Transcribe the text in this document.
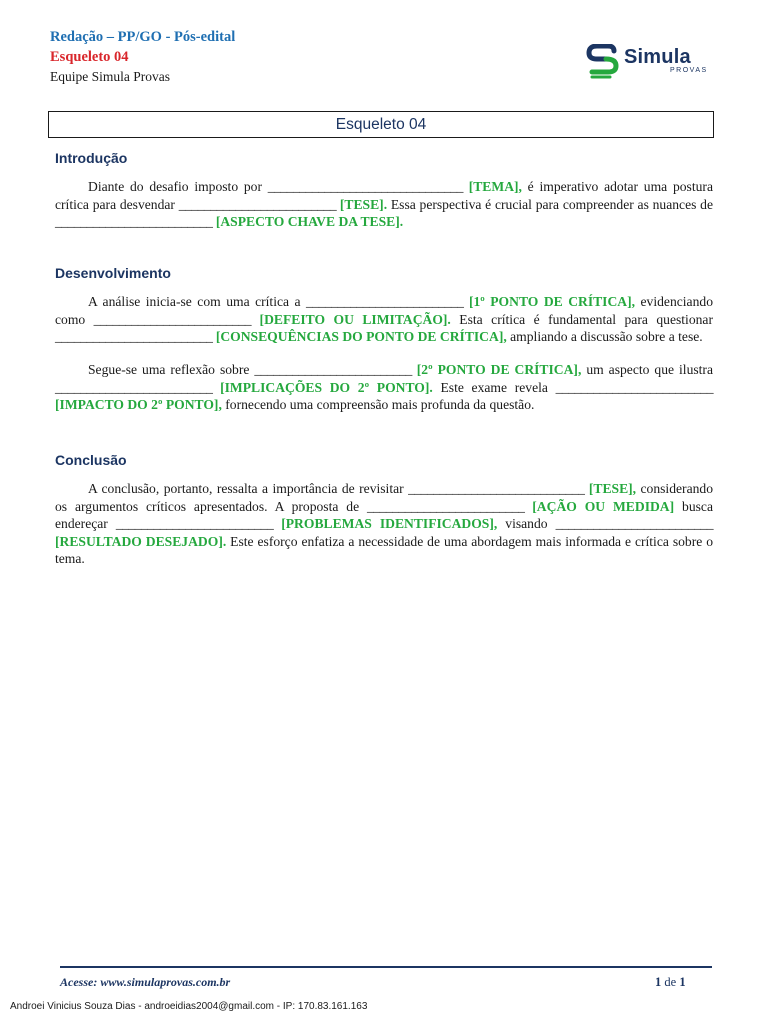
Redação – PP/GO - Pós-edital
Esqueleto 04
Equipe Simula Provas
Simula
PROVAS
Esqueleto 04
Introdução

Diante do desafio imposto por _______________________________ [TEMA], é imperativo adotar uma postura crítica para desvendar _________________________ [TESE]. Essa perspectiva é crucial para compreender as nuances de _________________________ [ASPECTO CHAVE DA TESE].

Desenvolvimento

A análise inicia-se com uma crítica a _________________________ [1º PONTO DE CRÍTICA], evidenciando como _________________________ [DEFEITO OU LIMITAÇÃO]. Esta crítica é fundamental para questionar _________________________ [CONSEQUÊNCIAS DO PONTO DE CRÍTICA], ampliando a discussão sobre a tese.

Segue-se uma reflexão sobre _________________________ [2º PONTO DE CRÍTICA], um aspecto que ilustra _________________________ [IMPLICAÇÕES DO 2º PONTO]. Este exame revela _________________________ [IMPACTO DO 2º PONTO], fornecendo uma compreensão mais profunda da questão.

Conclusão

A conclusão, portanto, ressalta a importância de revisitar ____________________________ [TESE], considerando os argumentos críticos apresentados. A proposta de _________________________ [AÇÃO OU MEDIDA] busca endereçar _________________________ [PROBLEMAS IDENTIFICADOS], visando _________________________ [RESULTADO DESEJADO]. Este esforço enfatiza a necessidade de uma abordagem mais informada e crítica sobre o tema.

Acesse: www.simulaprovas.com.br	1 de 1
Androei Vinicius Souza Dias - androeidias2004@gmail.com - IP: 170.83.161.163
